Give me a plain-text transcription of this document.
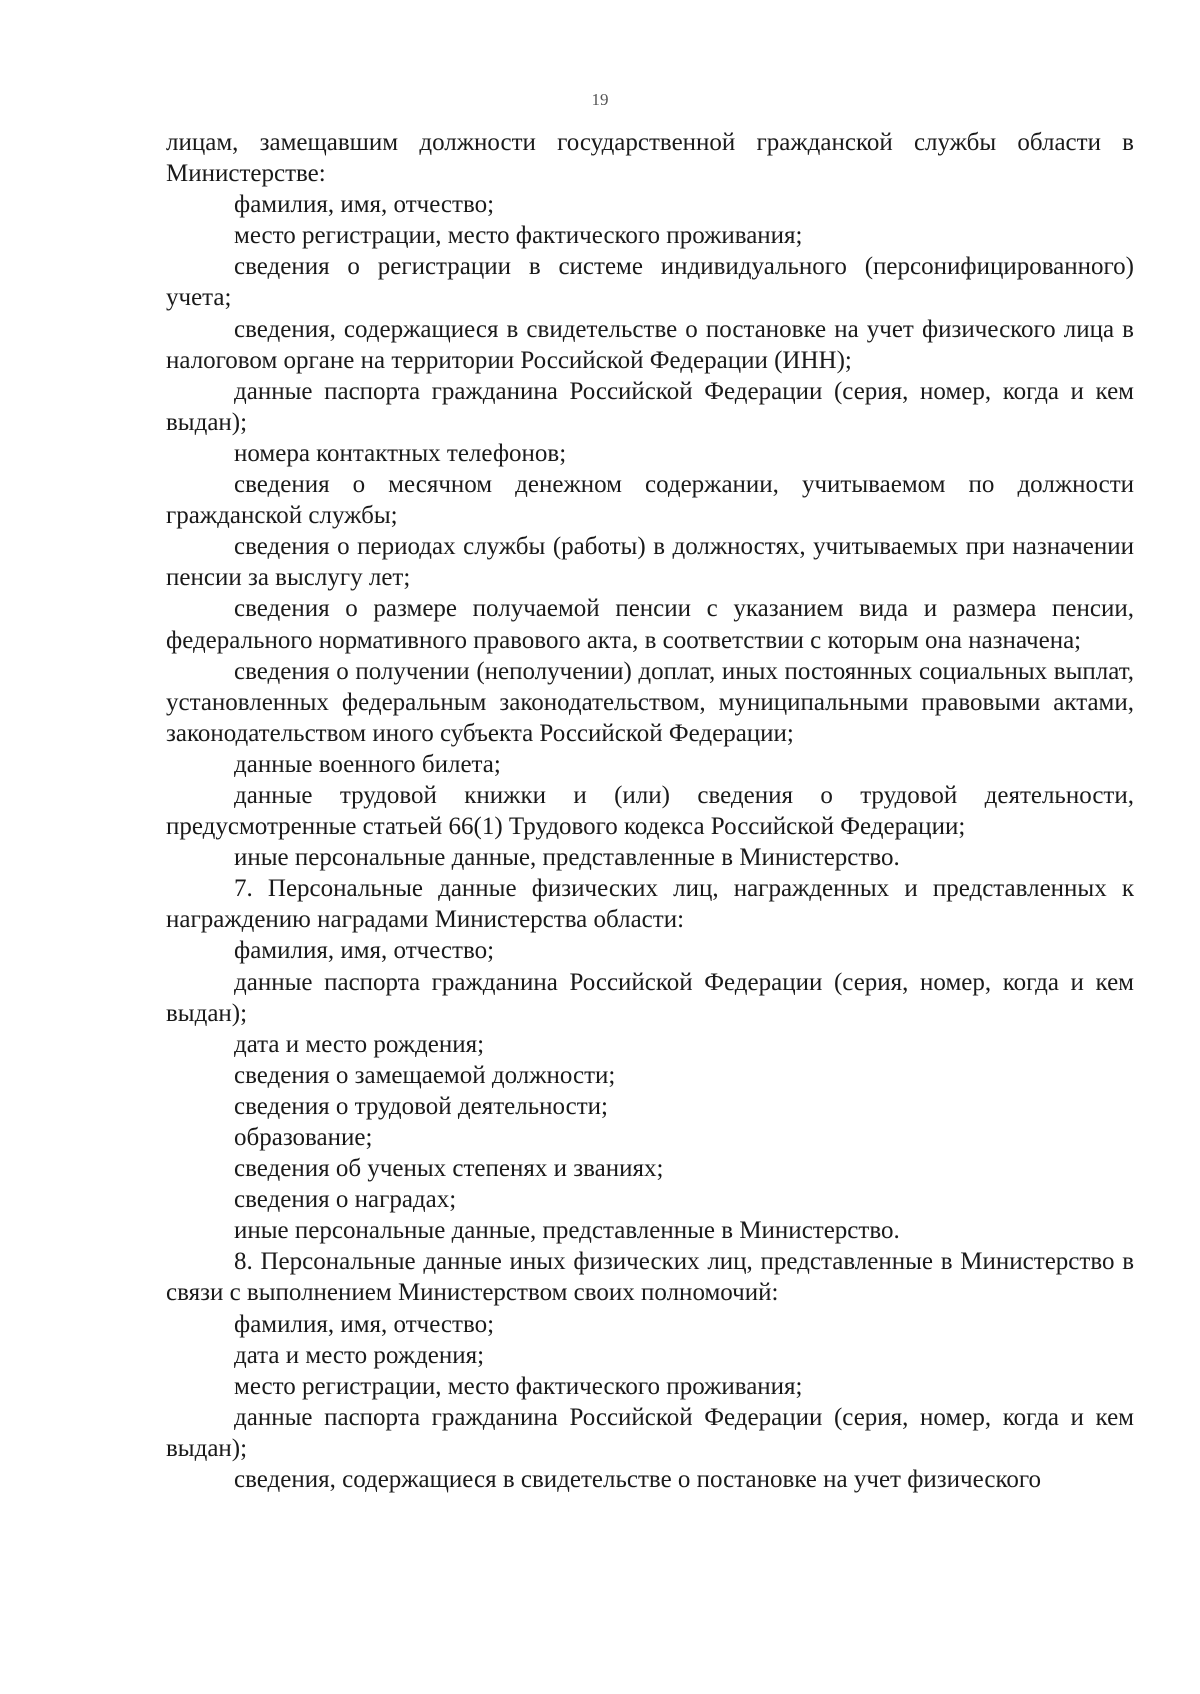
19

лицам, замещавшим должности государственной гражданской службы области в Министерстве:

фамилия, имя, отчество;

место регистрации, место фактического проживания;

сведения о регистрации в системе индивидуального (персонифицированного) учета;

сведения, содержащиеся в свидетельстве о постановке на учет физического лица в налоговом органе на территории Российской Федерации (ИНН);

данные паспорта гражданина Российской Федерации (серия, номер, когда и кем выдан);

номера контактных телефонов;

сведения о месячном денежном содержании, учитываемом по должности гражданской службы;

сведения о периодах службы (работы) в должностях, учитываемых при назначении пенсии за выслугу лет;

сведения о размере получаемой пенсии с указанием вида и размера пенсии, федерального нормативного правового акта, в соответствии с которым она назначена;

сведения о получении (неполучении) доплат, иных постоянных социальных выплат, установленных федеральным законодательством, муниципальными правовыми актами, законодательством иного субъекта Российской Федерации;

данные военного билета;

данные трудовой книжки и (или) сведения о трудовой деятельности, предусмотренные статьей 66(1) Трудового кодекса Российской Федерации;

иные персональные данные, представленные в Министерство.

7. Персональные данные физических лиц, награжденных и представленных к награждению наградами Министерства области:

фамилия, имя, отчество;

данные паспорта гражданина Российской Федерации (серия, номер, когда и кем выдан);

дата и место рождения;

сведения о замещаемой должности;

сведения о трудовой деятельности;

образование;

сведения об ученых степенях и званиях;

сведения о наградах;

иные персональные данные, представленные в Министерство.

8. Персональные данные иных физических лиц, представленные в Министерство в связи с выполнением Министерством своих полномочий:

фамилия, имя, отчество;

дата и место рождения;

место регистрации, место фактического проживания;

данные паспорта гражданина Российской Федерации (серия, номер, когда и кем выдан);

сведения, содержащиеся в свидетельстве о постановке на учет физического
